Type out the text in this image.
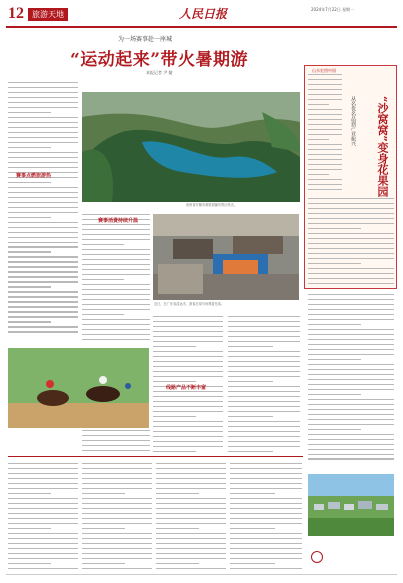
12	旅游天地	人民日报	2024年7月22日 星期一
为一场赛事赴一座城
“运动起来”带火暑期游
本报记者 尹 婕
赛事点燃旅游热
贵州省安顺市黄果树瀑布景区风光。
赛事消费持续升温
近日，在广东省清远市，游客在赛马场观看比赛。
线路产品不断丰富
山水宏图中国
“沙窝窝”变身花果园
从名优名品到产业振兴
